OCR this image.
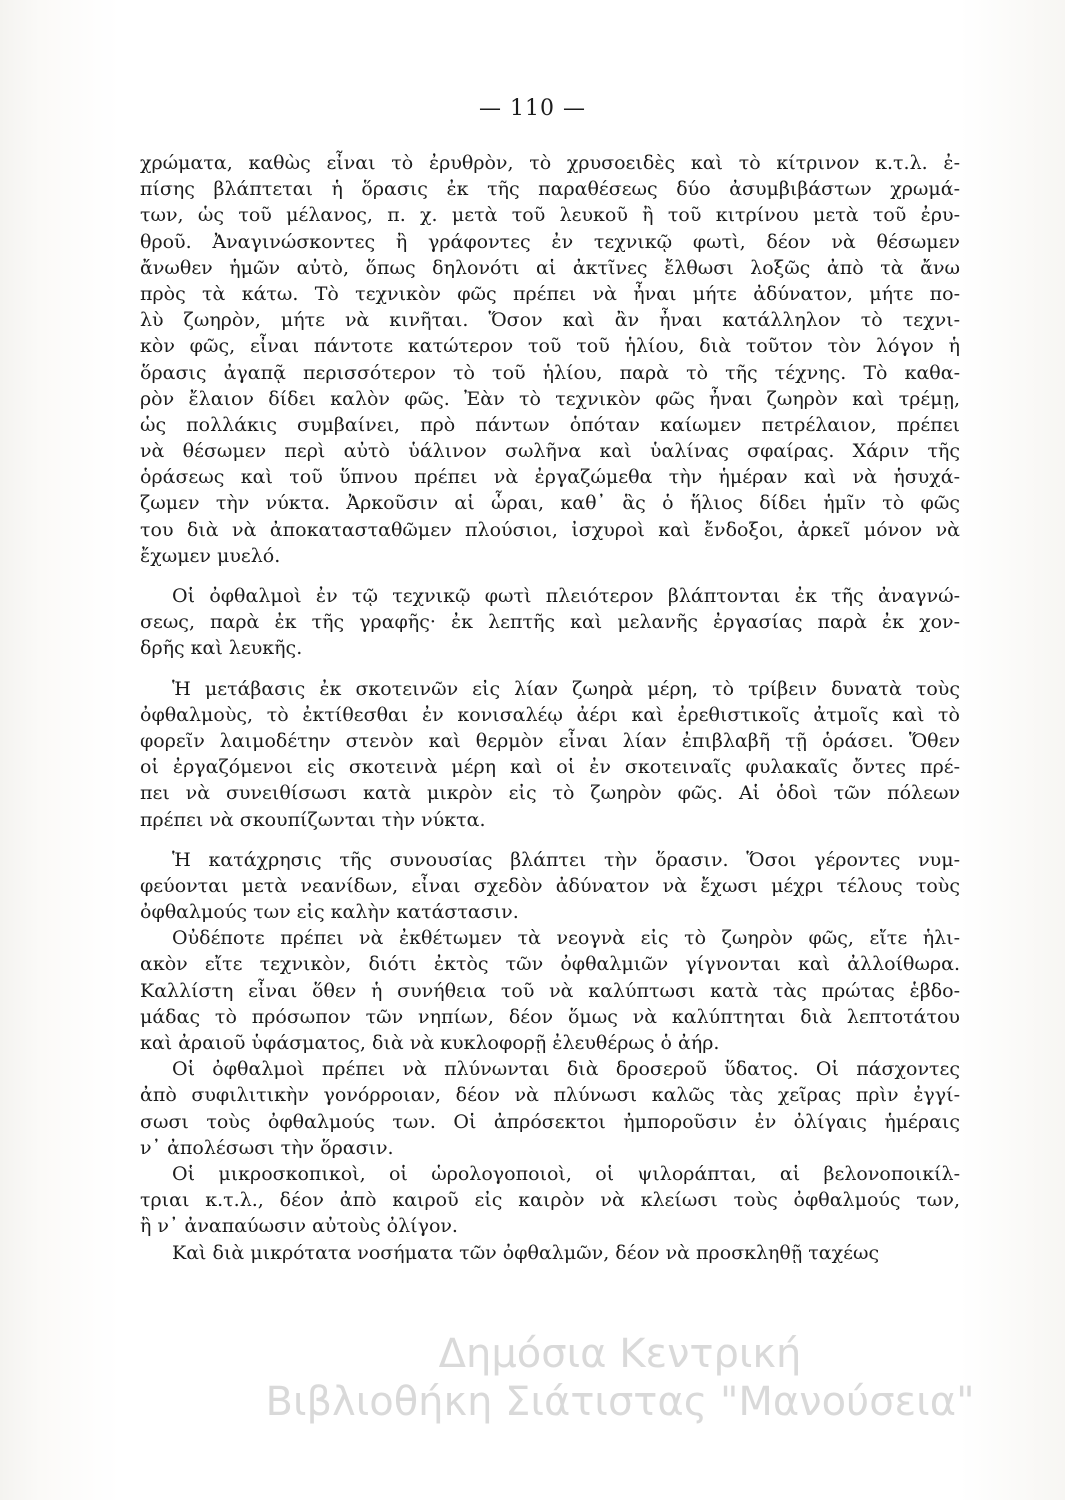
— 110 —
χρώματα, καθὼς εἶναι τὸ ἐρυθρὸν, τὸ χρυσοειδὲς καὶ τὸ κίτρινον κ.τ.λ. ἐ-
πίσης βλάπτεται ἡ ὅρασις ἐκ τῆς παραθέσεως δύο ἀσυμβιβάστων χρωμά-
των, ὡς τοῦ μέλανος, π. χ. μετὰ τοῦ λευκοῦ ἢ τοῦ κιτρίνου μετὰ τοῦ ἐρυ-
θροῦ. Ἀναγινώσκοντες ἢ γράφοντες ἐν τεχνικῷ φωτὶ, δέον νὰ θέσωμεν
ἄνωθεν ἡμῶν αὐτὸ, ὅπως δηλονότι αἱ ἀκτῖνες ἔλθωσι λοξῶς ἀπὸ τὰ ἄνω
πρὸς τὰ κάτω. Τὸ τεχνικὸν φῶς πρέπει νὰ ἦναι μήτε ἀδύνατον, μήτε πο-
λὺ ζωηρὸν, μήτε νὰ κινῆται. Ὅσον καὶ ἂν ἦναι κατάλληλον τὸ τεχνι-
κὸν φῶς, εἶναι πάντοτε κατώτερον τοῦ τοῦ ἡλίου, διὰ τοῦτον τὸν λόγον ἡ
ὅρασις ἀγαπᾷ περισσότερον τὸ τοῦ ἡλίου, παρὰ τὸ τῆς τέχνης. Τὸ καθα-
ρὸν ἔλαιον δίδει καλὸν φῶς. Ἐὰν τὸ τεχνικὸν φῶς ἦναι ζωηρὸν καὶ τρέμῃ,
ὡς πολλάκις συμβαίνει, πρὸ πάντων ὁπόταν καίωμεν πετρέλαιον, πρέπει
νὰ θέσωμεν περὶ αὐτὸ ὑάλινον σωλῆνα καὶ ὑαλίνας σφαίρας. Χάριν τῆς
ὁράσεως καὶ τοῦ ὕπνου πρέπει νὰ ἐργαζώμεθα τὴν ἡμέραν καὶ νὰ ἡσυχά-
ζωμεν τὴν νύκτα. Ἀρκοῦσιν αἱ ὧραι, καθ᾽ ἃς ὁ ἥλιος δίδει ἡμῖν τὸ φῶς
του διὰ νὰ ἀποκατασταθῶμεν πλούσιοι, ἰσχυροὶ καὶ ἔνδοξοι, ἀρκεῖ μόνον νὰ
ἔχωμεν μυελό.
Οἱ ὀφθαλμοὶ ἐν τῷ τεχνικῷ φωτὶ πλειότερον βλάπτονται ἐκ τῆς ἀναγνώ-
σεως, παρὰ ἐκ τῆς γραφῆς· ἐκ λεπτῆς καὶ μελανῆς ἐργασίας παρὰ ἐκ χον-
δρῆς καὶ λευκῆς.
Ἡ μετάβασις ἐκ σκοτεινῶν εἰς λίαν ζωηρὰ μέρη, τὸ τρίβειν δυνατὰ τοὺς
ὀφθαλμοὺς, τὸ ἐκτίθεσθαι ἐν κονισαλέῳ ἀέρι καὶ ἐρεθιστικοῖς ἀτμοῖς καὶ τὸ
φορεῖν λαιμοδέτην στενὸν καὶ θερμὸν εἶναι λίαν ἐπιβλαβῆ τῇ ὁράσει. Ὅθεν
οἱ ἐργαζόμενοι εἰς σκοτεινὰ μέρη καὶ οἱ ἐν σκοτειναῖς φυλακαῖς ὄντες πρέ-
πει νὰ συνειθίσωσι κατὰ μικρὸν εἰς τὸ ζωηρὸν φῶς. Αἱ ὁδοὶ τῶν πόλεων
πρέπει νὰ σκουπίζωνται τὴν νύκτα.
Ἡ κατάχρησις τῆς συνουσίας βλάπτει τὴν ὅρασιν. Ὅσοι γέροντες νυμ-
φεύονται μετὰ νεανίδων, εἶναι σχεδὸν ἀδύνατον νὰ ἔχωσι μέχρι τέλους τοὺς
ὀφθαλμούς των εἰς καλὴν κατάστασιν.
Οὐδέποτε πρέπει νὰ ἐκθέτωμεν τὰ νεογνὰ εἰς τὸ ζωηρὸν φῶς, εἴτε ἡλι-
ακὸν εἴτε τεχνικὸν, διότι ἐκτὸς τῶν ὀφθαλμιῶν γίγνονται καὶ ἀλλοίθωρα.
Καλλίστη εἶναι ὅθεν ἡ συνήθεια τοῦ νὰ καλύπτωσι κατὰ τὰς πρώτας ἑβδο-
μάδας τὸ πρόσωπον τῶν νηπίων, δέον ὅμως νὰ καλύπτηται διὰ λεπτοτάτου
καὶ ἀραιοῦ ὑφάσματος, διὰ νὰ κυκλοφορῇ ἐλευθέρως ὁ ἀήρ.
Οἱ ὀφθαλμοὶ πρέπει νὰ πλύνωνται διὰ δροσεροῦ ὕδατος. Οἱ πάσχοντες
ἀπὸ συφιλιτικὴν γονόρροιαν, δέον νὰ πλύνωσι καλῶς τὰς χεῖρας πρὶν ἐγγί-
σωσι τοὺς ὀφθαλμούς των. Οἱ ἀπρόσεκτοι ἠμποροῦσιν ἐν ὀλίγαις ἡμέραις
ν᾽ ἀπολέσωσι τὴν ὅρασιν.
Οἱ μικροσκοπικοὶ, οἱ ὡρολογοποιοὶ, οἱ ψιλοράπται, αἱ βελονοποικίλ-
τριαι κ.τ.λ., δέον ἀπὸ καιροῦ εἰς καιρὸν νὰ κλείωσι τοὺς ὀφθαλμούς των,
ἢ ν᾽ ἀναπαύωσιν αὐτοὺς ὀλίγον.
Καὶ διὰ μικρότατα νοσήματα τῶν ὀφθαλμῶν, δέον νὰ προσκληθῇ ταχέως
Δημόσια Κεντρική
Βιβλιοθήκη Σιάτιστας "Μανούσεια"
